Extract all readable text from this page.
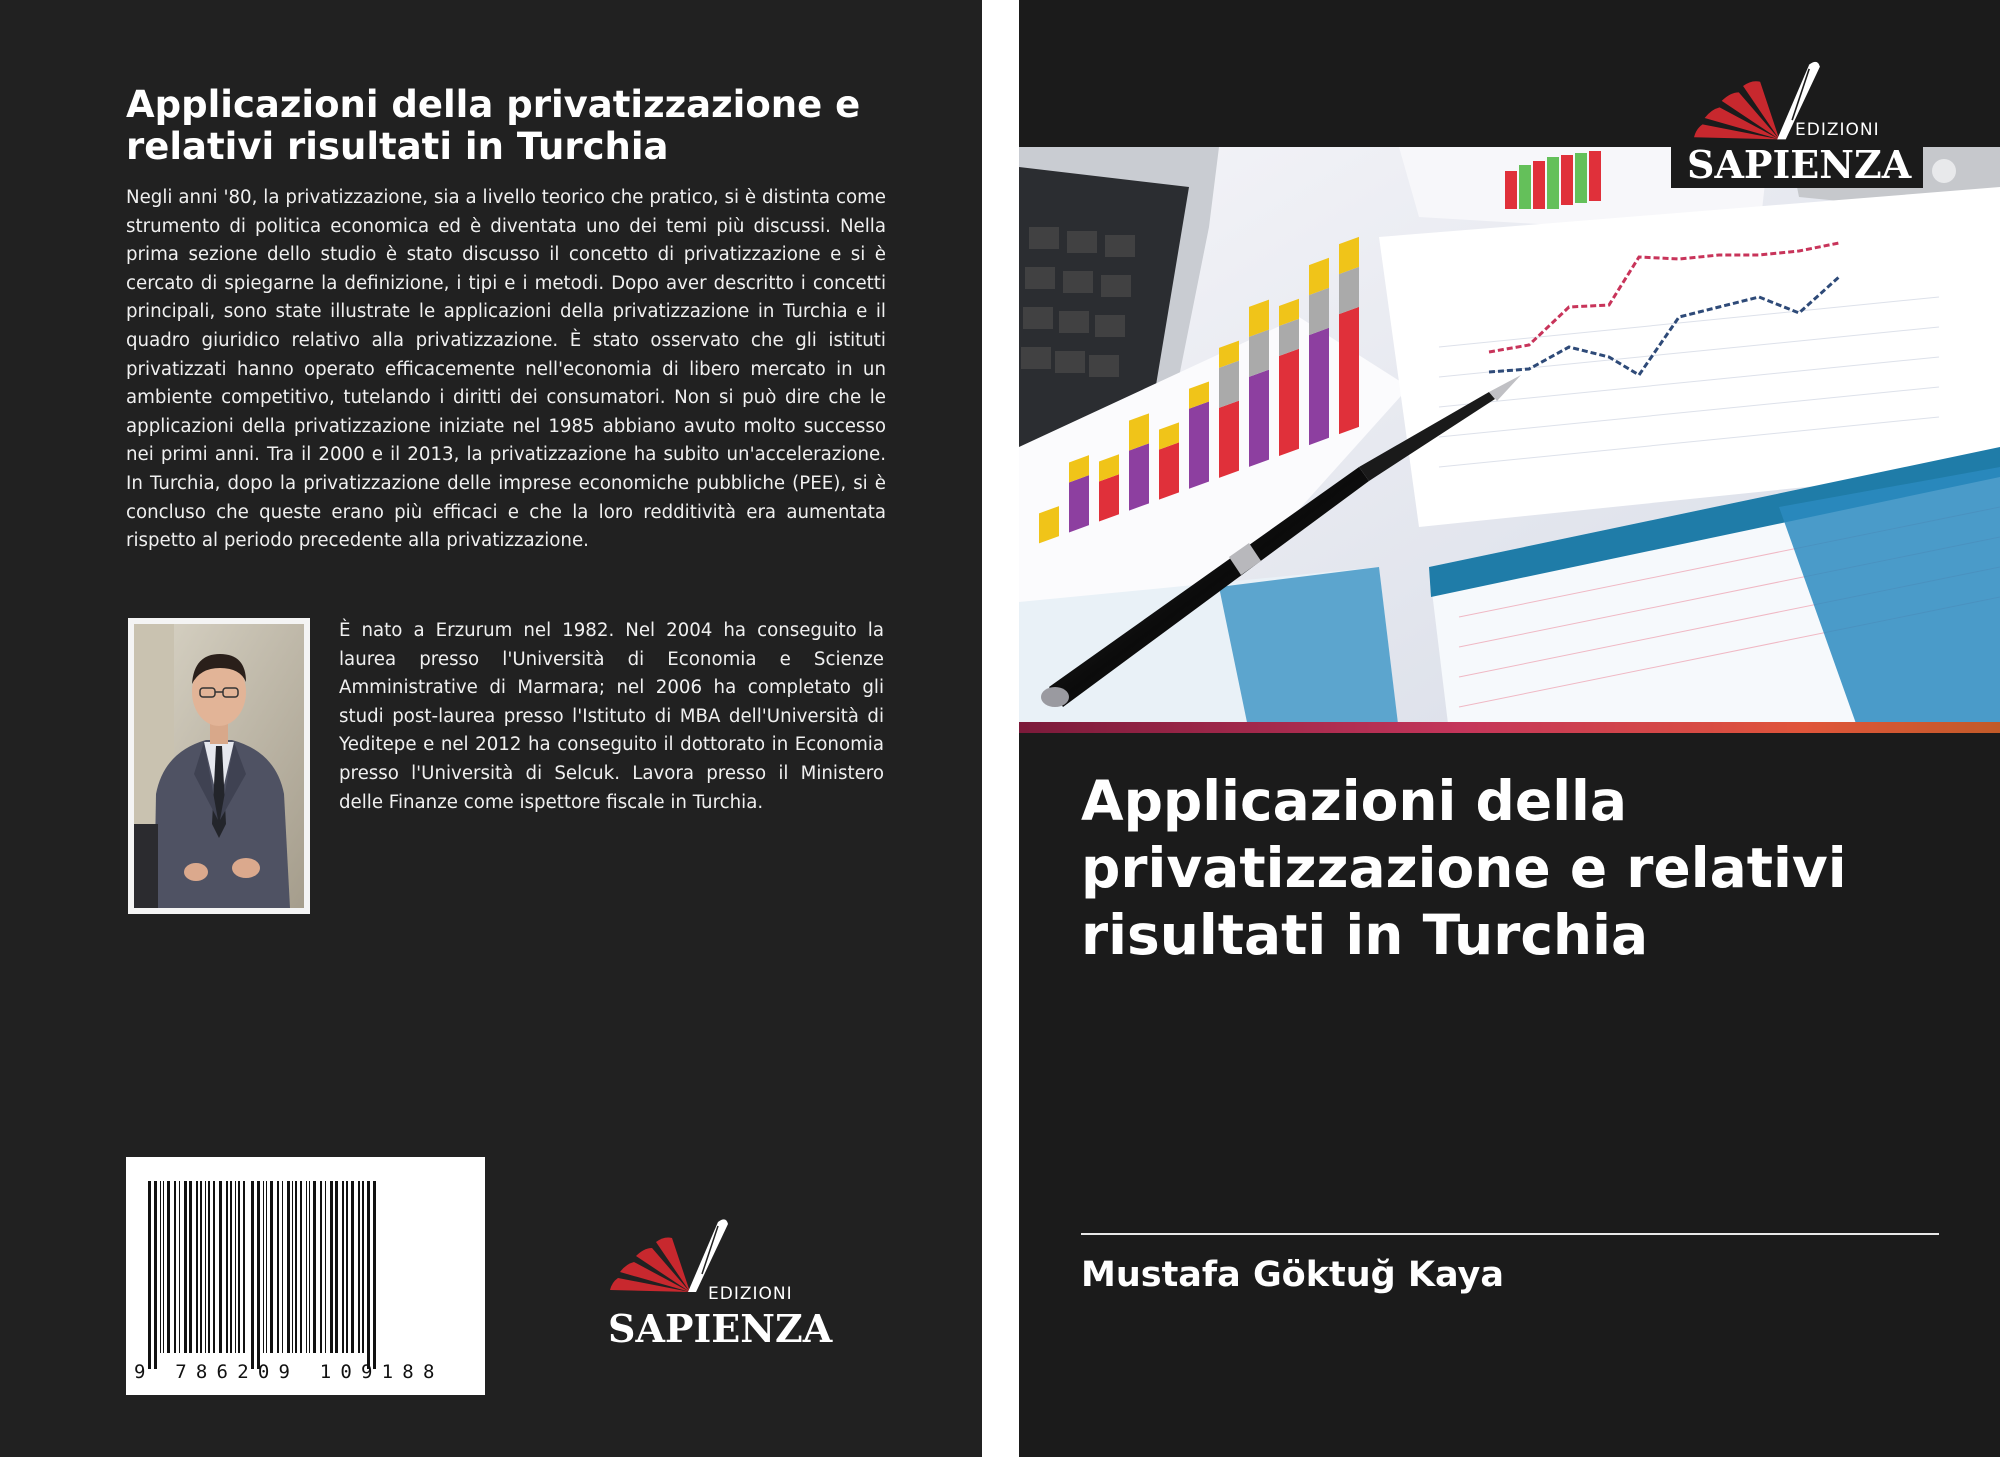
Applicazioni della privatizzazione e relativi risultati in Turchia

Negli anni '80, la privatizzazione, sia a livello teorico che pratico, si è distinta come strumento di politica economica ed è diventata uno dei temi più discussi. Nella prima sezione dello studio è stato discusso il concetto di privatizzazione e si è cercato di spiegarne la definizione, i tipi e i metodi. Dopo aver descritto i concetti principali, sono state illustrate le applicazioni della privatizzazione in Turchia e il quadro giuridico relativo alla privatizzazione. È stato osservato che gli istituti privatizzati hanno operato efficacemente nell'economia di libero mercato in un ambiente competitivo, tutelando i diritti dei consumatori. Non si può dire che le applicazioni della privatizzazione iniziate nel 1985 abbiano avuto molto successo nei primi anni. Tra il 2000 e il 2013, la privatizzazione ha subito un'accelerazione. In Turchia, dopo la privatizzazione delle imprese economiche pubbliche (PEE), si è concluso che queste erano più efficaci e che la loro redditività era aumentata rispetto al periodo precedente alla privatizzazione.

È nato a Erzurum nel 1982. Nel 2004 ha conseguito la laurea presso l'Università di Economia e Scienze Amministrative di Marmara; nel 2006 ha completato gli studi post-laurea presso l'Istituto di MBA dell'Università di Yeditepe e nel 2012 ha conseguito il dottorato in Economia presso l'Università di Selcuk. Lavora presso il Ministero delle Finanze come ispettore fiscale in Turchia.

9 786209 109188
EDIZIONI
SAPIENZA
EDIZIONI
SAPIENZA
Applicazioni della privatizzazione e relativi risultati in Turchia
Mustafa Göktuğ Kaya
